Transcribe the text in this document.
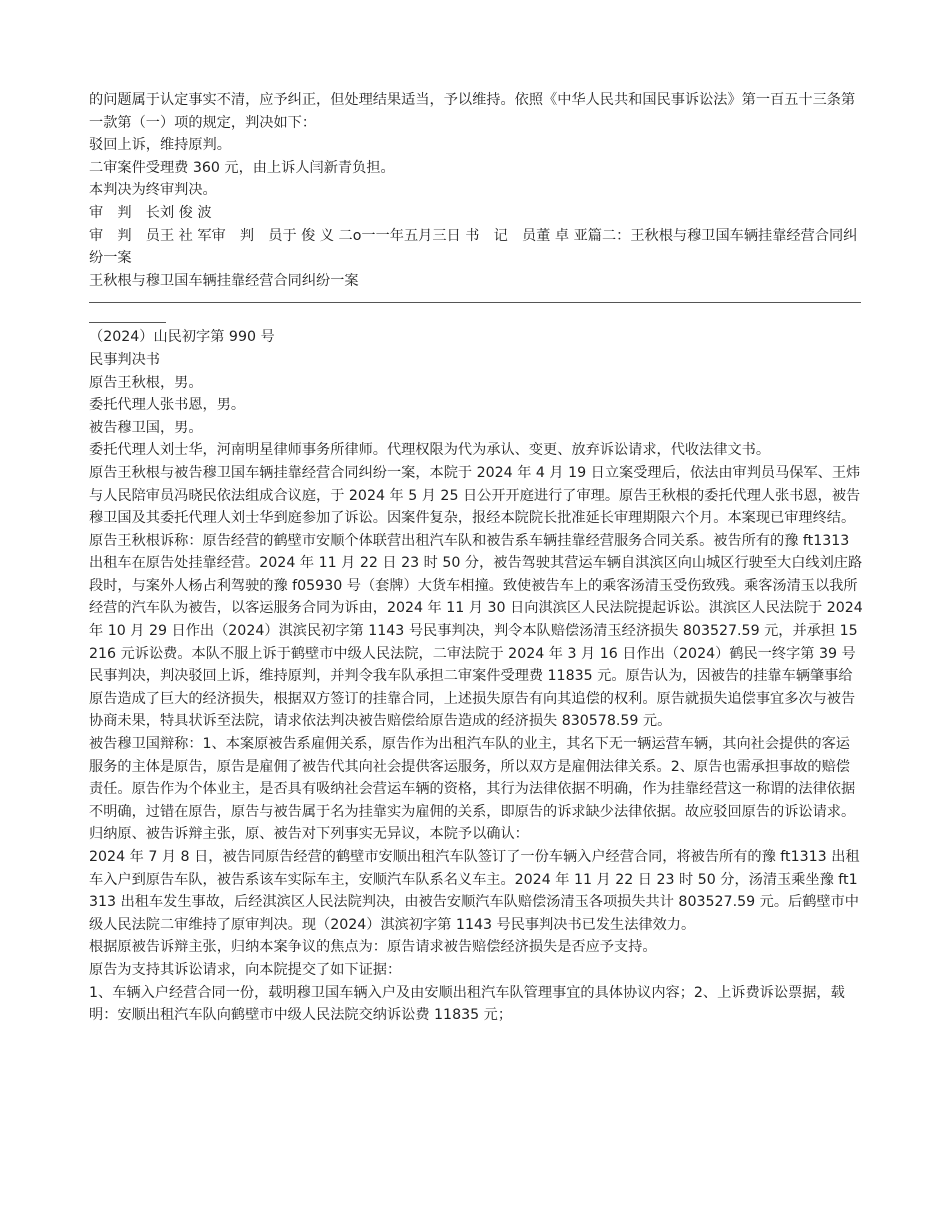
的问题属于认定事实不清，应予纠正，但处理结果适当，予以维持。依照《中华人民共和国民事诉讼法》第一百五十三条第一款第（一）项的规定，判决如下：

驳回上诉，维持原判。

二审案件受理费 360 元，由上诉人闫新青负担。

本判决为终审判决。

审　判　长刘 俊 波

审　判　员王 社 军审　判　员于 俊 义 二o一一年五月三日 书　记　员董 卓 亚篇二：王秋根与穆卫国车辆挂靠经营合同纠纷一案

王秋根与穆卫国车辆挂靠经营合同纠纷一案

（2024）山民初字第 990 号

民事判决书

原告王秋根，男。

委托代理人张书恩，男。

被告穆卫国，男。

委托代理人刘士华，河南明星律师事务所律师。代理权限为代为承认、变更、放弃诉讼请求，代收法律文书。

原告王秋根与被告穆卫国车辆挂靠经营合同纠纷一案，本院于 2024 年 4 月 19 日立案受理后，依法由审判员马保军、王炜与人民陪审员冯晓民依法组成合议庭，于 2024 年 5 月 25 日公开开庭进行了审理。原告王秋根的委托代理人张书恩，被告穆卫国及其委托代理人刘士华到庭参加了诉讼。因案件复杂，报经本院院长批准延长审理期限六个月。本案现已审理终结。

原告王秋根诉称：原告经营的鹤壁市安顺个体联营出租汽车队和被告系车辆挂靠经营服务合同关系。被告所有的豫 ft1313 出租车在原告处挂靠经营。2024 年 11 月 22 日 23 时 50 分，被告驾驶其营运车辆自淇滨区向山城区行驶至大白线刘庄路段时，与案外人杨占利驾驶的豫 f05930 号（套牌）大货车相撞。致使被告车上的乘客汤清玉受伤致残。乘客汤清玉以我所经营的汽车队为被告，以客运服务合同为诉由，2024 年 11 月 30 日向淇滨区人民法院提起诉讼。淇滨区人民法院于 2024 年 10 月 29 日作出（2024）淇滨民初字第 1143 号民事判决，判令本队赔偿汤清玉经济损失 803527.59 元，并承担 15216 元诉讼费。本队不服上诉于鹤壁市中级人民法院，二审法院于 2024 年 3 月 16 日作出（2024）鹤民一终字第 39 号民事判决，判决驳回上诉，维持原判，并判令我车队承担二审案件受理费 11835 元。原告认为，因被告的挂靠车辆肇事给原告造成了巨大的经济损失，根据双方签订的挂靠合同，上述损失原告有向其追偿的权利。原告就损失追偿事宜多次与被告协商未果，特具状诉至法院，请求依法判决被告赔偿给原告造成的经济损失 830578.59 元。

被告穆卫国辩称：1、本案原被告系雇佣关系，原告作为出租汽车队的业主，其名下无一辆运营车辆，其向社会提供的客运服务的主体是原告，原告是雇佣了被告代其向社会提供客运服务，所以双方是雇佣法律关系。2、原告也需承担事故的赔偿责任。原告作为个体业主，是否具有吸纳社会营运车辆的资格，其行为法律依据不明确，作为挂靠经营这一称谓的法律依据不明确，过错在原告，原告与被告属于名为挂靠实为雇佣的关系，即原告的诉求缺少法律依据。故应驳回原告的诉讼请求。

归纳原、被告诉辩主张，原、被告对下列事实无异议，本院予以确认：

2024 年 7 月 8 日，被告同原告经营的鹤壁市安顺出租汽车队签订了一份车辆入户经营合同，将被告所有的豫 ft1313 出租车入户到原告车队，被告系该车实际车主，安顺汽车队系名义车主。2024 年 11 月 22 日 23 时 50 分，汤清玉乘坐豫 ft1313 出租车发生事故，后经淇滨区人民法院判决，由被告安顺汽车队赔偿汤清玉各项损失共计 803527.59 元。后鹤壁市中级人民法院二审维持了原审判决。现（2024）淇滨初字第 1143 号民事判决书已发生法律效力。

根据原被告诉辩主张，归纳本案争议的焦点为：原告请求被告赔偿经济损失是否应予支持。

原告为支持其诉讼请求，向本院提交了如下证据：

1、车辆入户经营合同一份，载明穆卫国车辆入户及由安顺出租汽车队管理事宜的具体协议内容；2、上诉费诉讼票据，载明：安顺出租汽车队向鹤壁市中级人民法院交纳诉讼费 11835 元；
